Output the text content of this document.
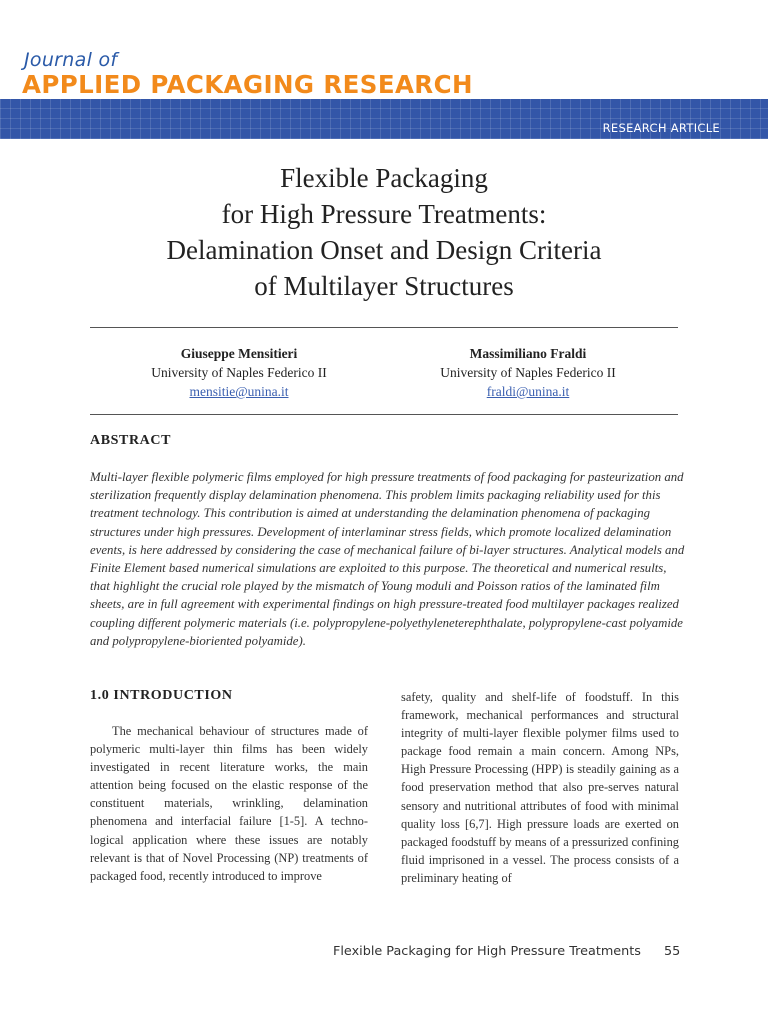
Journal of
APPLIED PACKAGING RESEARCH
RESEARCH ARTICLE
Flexible Packaging
for High Pressure Treatments:
Delamination Onset and Design Criteria
of Multilayer Structures
Giuseppe Mensitieri
University of Naples Federico II
mensitie@unina.it
Massimiliano Fraldi
University of Naples Federico II
fraldi@unina.it
ABSTRACT
Multi-layer flexible polymeric films employed for high pressure treatments of food packaging for pasteurization and sterilization frequently display delamination phenomena. This problem limits packaging reliability used for this treatment technology. This contribution is aimed at understanding the delamination phenomena of packaging structures under high pressures. Development of interlaminar stress fields, which promote localized delamination events, is here addressed by considering the case of mechanical failure of bi-layer structures. Analytical models and Finite Element based numerical simulations are exploited to this purpose. The theoretical and numerical results, that highlight the crucial role played by the mismatch of Young moduli and Poisson ratios of the laminated film sheets, are in full agreement with experimental findings on high pressure-treated food multilayer packages realized coupling different polymeric materials (i.e. polypropylene-polyethyleneterephthalate, polypropylene-cast polyamide and polypropylene-bioriented polyamide).
1.0 INTRODUCTION
The mechanical behaviour of structures made of polymeric multi-layer thin films has been widely investigated in recent literature works, the main attention being focused on the elastic response of the constituent materials, wrinkling, delamination phenomena and interfacial failure [1-5]. A techno-logical application where these issues are notably relevant is that of Novel Processing (NP) treatments of packaged food, recently introduced to improve
safety, quality and shelf-life of foodstuff. In this framework, mechanical performances and structural integrity of multi-layer flexible polymer films used to package food remain a main concern. Among NPs, High Pressure Processing (HPP) is steadily gaining as a food preservation method that also pre-serves natural sensory and nutritional attributes of food with minimal quality loss [6,7]. High pressure loads are exerted on packaged foodstuff by means of a pressurized confining fluid imprisoned in a vessel. The process consists of a preliminary heating of
Flexible Packaging for High Pressure Treatments 55
